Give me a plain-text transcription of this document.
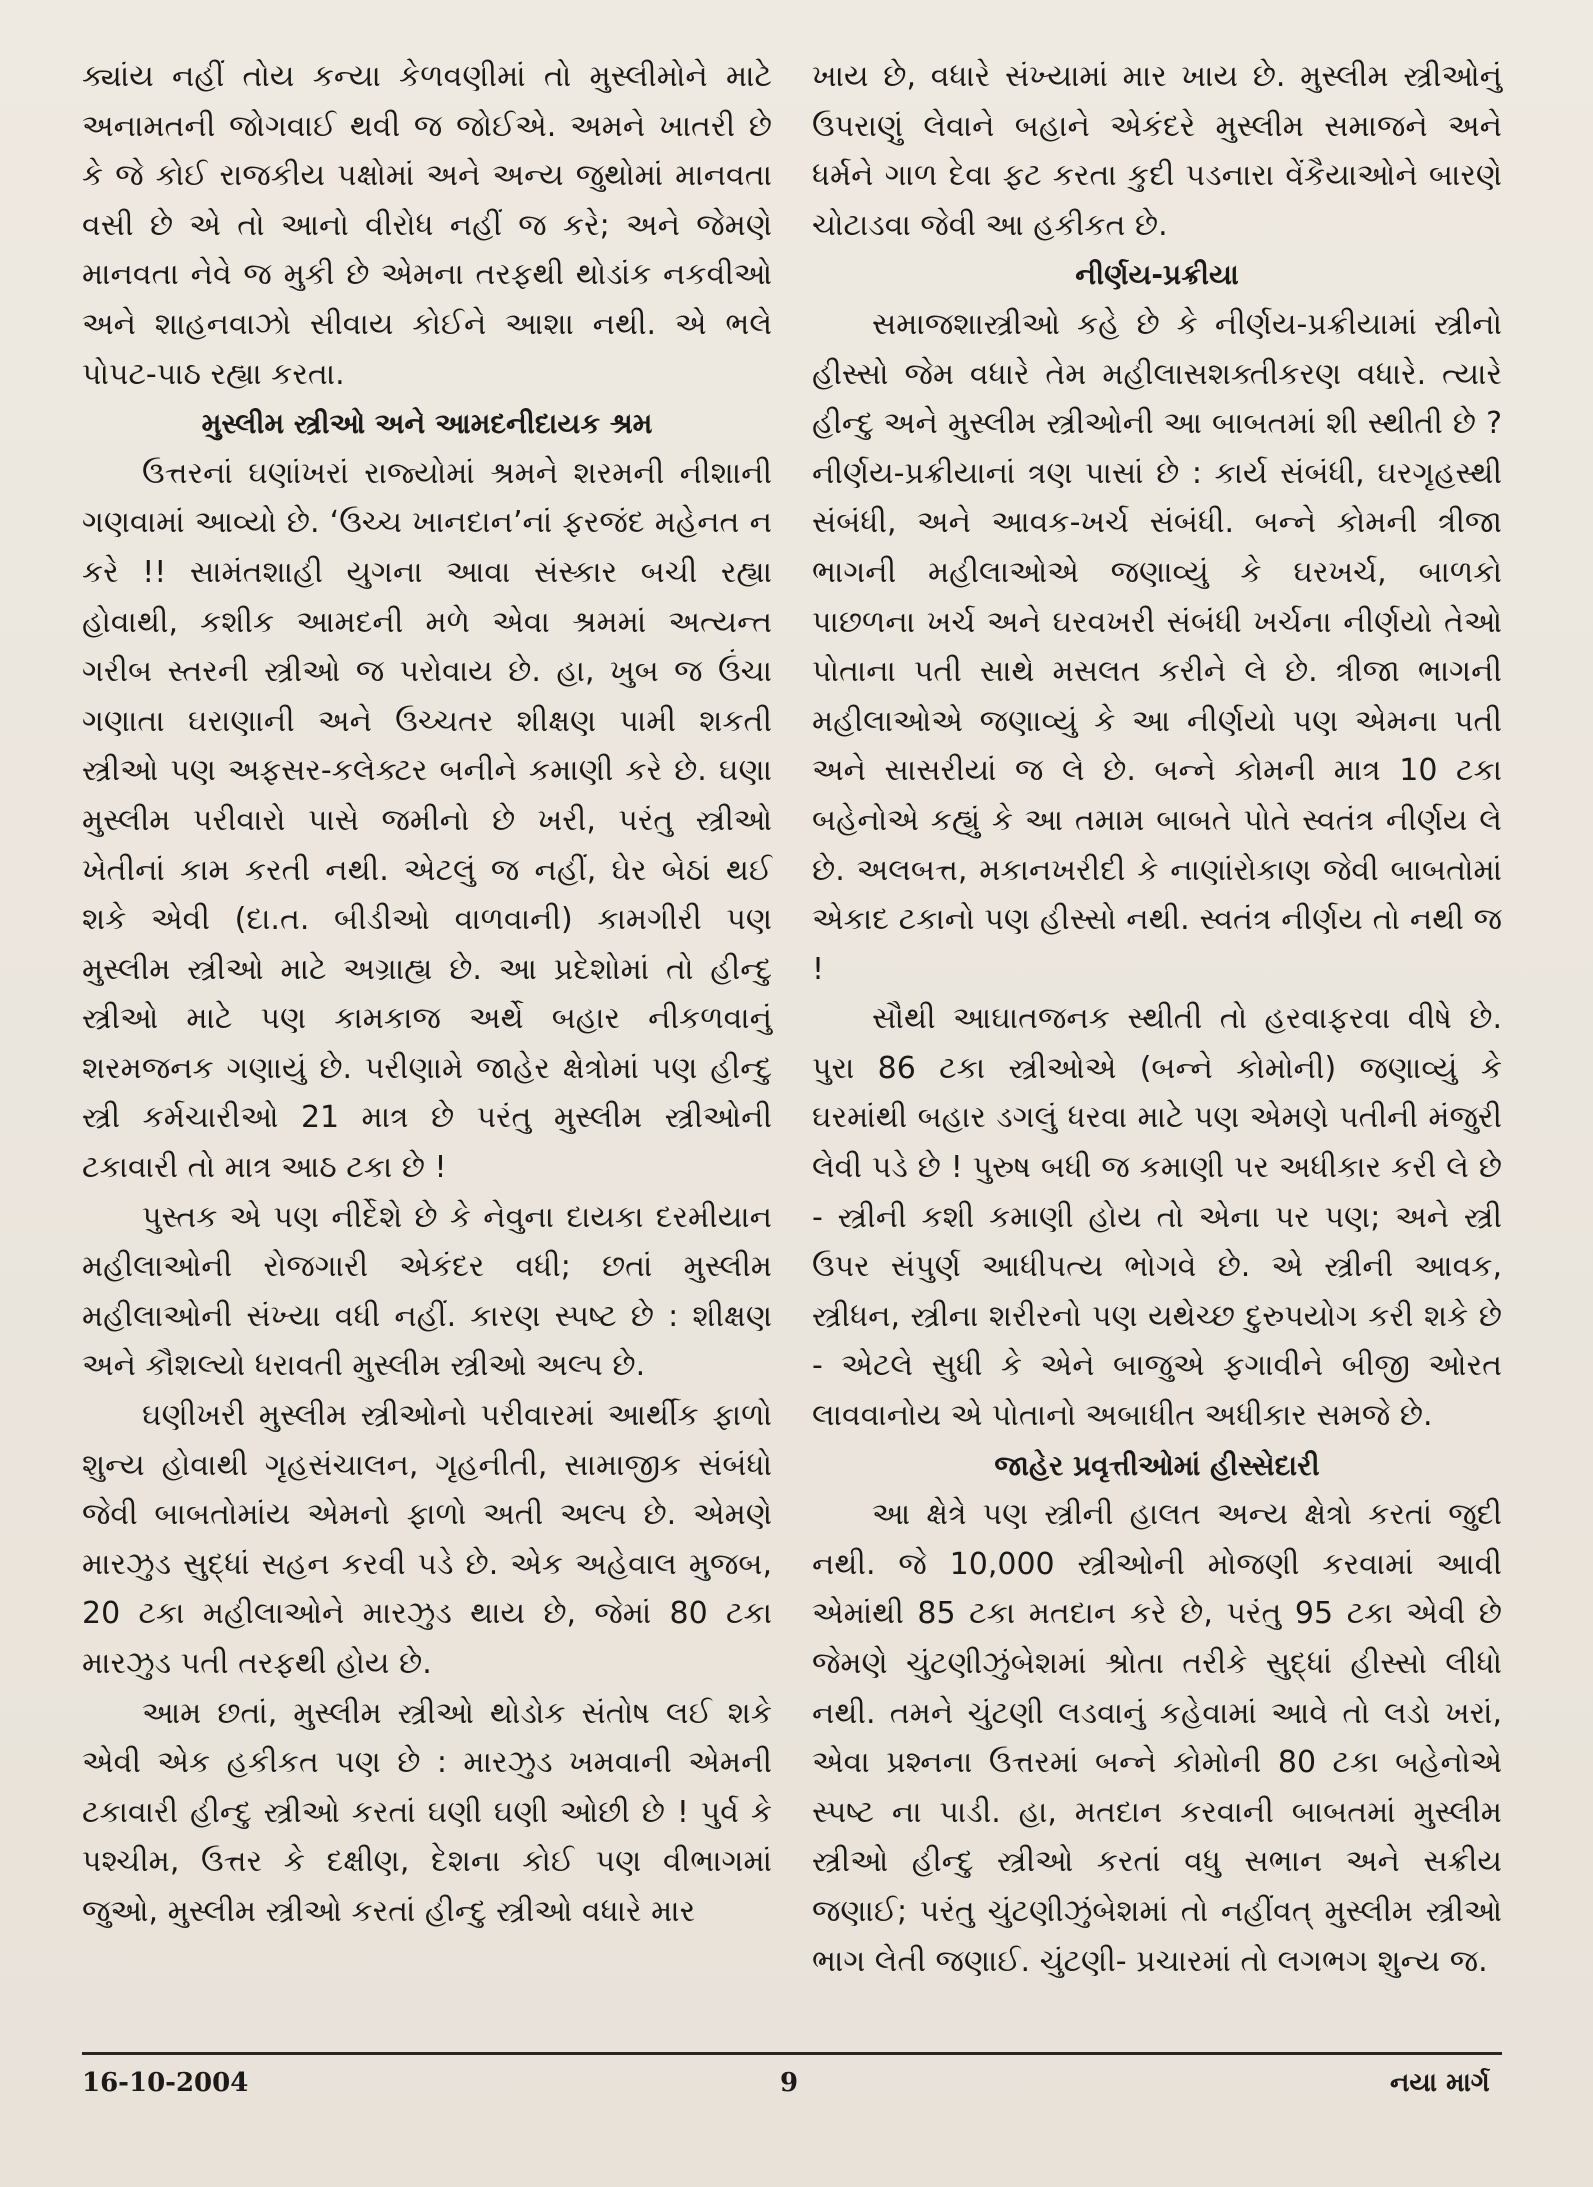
ક્યાંય નહીં તોય કન્યા કેળવણીમાં તો મુસ્લીમોને માટે અનામતની જોગવાઈ થવી જ જોઈએ. અમને ખાતરી છે કે જે કોઈ રાજકીય પક્ષોમાં અને અન્ય જુથોમાં માનવતા વસી છે એ તો આનો વીરોધ નહીં જ કરે; અને જેમણે માનવતા નેવે જ મુકી છે એમના તરફથી થોડાંક નકવીઓ અને શાહનવાઝો સીવાય કોઈને આશા નથી. એ ભલે પોપટ-પાઠ રહ્યા કરતા.

મુસ્લીમ સ્ત્રીઓ અને આમદનીદાયક શ્રમ

ઉત્તરનાં ઘણાંખરાં રાજ્યોમાં શ્રમને શરમની નીશાની ગણવામાં આવ્યો છે. ‘ઉચ્ચ ખાનદાન’નાં ફરજંદ મહેનત ન કરે !! સામંતશાહી યુગના આવા સંસ્કાર બચી રહ્યા હોવાથી, કશીક આમદની મળે એવા શ્રમમાં અત્યન્ત ગરીબ સ્તરની સ્ત્રીઓ જ પરોવાય છે. હા, ખુબ જ ઉંચા ગણાતા ઘરાણાની અને ઉચ્ચતર શીક્ષણ પામી શકતી સ્ત્રીઓ પણ અફસર-કલેક્ટર બનીને કમાણી કરે છે. ઘણા મુસ્લીમ પરીવારો પાસે જમીનો છે ખરી, પરંતુ સ્ત્રીઓ ખેતીનાં કામ કરતી નથી. એટલું જ નહીં, ઘેર બેઠાં થઈ શકે એવી (દા.ત. બીડીઓ વાળવાની) કામગીરી પણ મુસ્લીમ સ્ત્રીઓ માટે અગ્રાહ્ય છે. આ પ્રદેશોમાં તો હીન્દુ સ્ત્રીઓ માટે પણ કામકાજ અર્થે બહાર નીકળવાનું શરમજનક ગણાયું છે. પરીણામે જાહેર ક્ષેત્રોમાં પણ હીન્દુ સ્ત્રી કર્મચારીઓ 21 માત્ર છે પરંતુ મુસ્લીમ સ્ત્રીઓની ટકાવારી તો માત્ર આઠ ટકા છે !

પુસ્તક એ પણ નીર્દેશે છે કે નેવુના દાયકા દરમીયાન મહીલાઓની રોજગારી એકંદર વધી; છતાં મુસ્લીમ મહીલાઓની સંખ્યા વધી નહીં. કારણ સ્પષ્ટ છે : શીક્ષણ અને કૌશલ્યો ધરાવતી મુસ્લીમ સ્ત્રીઓ અલ્પ છે.

ઘણીખરી મુસ્લીમ સ્ત્રીઓનો પરીવારમાં આર્થીક ફાળો શુન્ય હોવાથી ગૃહસંચાલન, ગૃહનીતી, સામાજીક સંબંધો જેવી બાબતોમાંય એમનો ફાળો અતી અલ્પ છે. એમણે મારઝુડ સુદ્ધાં સહન કરવી પડે છે. એક અહેવાલ મુજબ, 20 ટકા મહીલાઓને મારઝુડ થાય છે, જેમાં 80 ટકા મારઝુડ પતી તરફથી હોય છે.

આમ છતાં, મુસ્લીમ સ્ત્રીઓ થોડોક સંતોષ લઈ શકે એવી એક હકીકત પણ છે : મારઝુડ ખમવાની એમની ટકાવારી હીન્દુ સ્ત્રીઓ કરતાં ઘણી ઘણી ઓછી છે ! પુર્વ કે પશ્ચીમ, ઉત્તર કે દક્ષીણ, દેશના કોઈ પણ વીભાગમાં જુઓ, મુસ્લીમ સ્ત્રીઓ કરતાં હીન્દુ સ્ત્રીઓ વધારે માર

ખાય છે, વધારે સંખ્યામાં માર ખાય છે. મુસ્લીમ સ્ત્રીઓનું ઉપરાણું લેવાને બહાને એકંદરે મુસ્લીમ સમાજને અને ધર્મને ગાળ દેવા ફટ કરતા કુદી પડનારા વેંકૈયાઓને બારણે ચોટાડવા જેવી આ હકીકત છે.

નીર્ણય-પ્રક્રીયા

સમાજશાસ્ત્રીઓ કહે છે કે નીર્ણય-પ્રક્રીયામાં સ્ત્રીનો હીસ્સો જેમ વધારે તેમ મહીલાસશક્તીકરણ વધારે. ત્યારે હીન્દુ અને મુસ્લીમ સ્ત્રીઓની આ બાબતમાં શી સ્થીતી છે ? નીર્ણય-પ્રક્રીયાનાં ત્રણ પાસાં છે : કાર્ય સંબંધી, ઘરગૃહસ્થી સંબંધી, અને આવક-ખર્ચ સંબંધી. બન્ને કોમની ત્રીજા ભાગની મહીલાઓએ જણાવ્યું કે ઘરખર્ચ, બાળકો પાછળના ખર્ચ અને ઘરવખરી સંબંધી ખર્ચના નીર્ણયો તેઓ પોતાના પતી સાથે મસલત કરીને લે છે. ત્રીજા ભાગની મહીલાઓએ જણાવ્યું કે આ નીર્ણયો પણ એમના પતી અને સાસરીયાં જ લે છે. બન્ને કોમની માત્ર 10 ટકા બહેનોએ કહ્યું કે આ તમામ બાબતે પોતે સ્વતંત્ર નીર્ણય લે છે. અલબત્ત, મકાનખરીદી કે નાણાંરોકાણ જેવી બાબતોમાં એકાદ ટકાનો પણ હીસ્સો નથી. સ્વતંત્ર નીર્ણય તો નથી જ !

સૌથી આઘાતજનક સ્થીતી તો હરવાફરવા વીષે છે. પુરા 86 ટકા સ્ત્રીઓએ (બન્ને કોમોની) જણાવ્યું કે ઘરમાંથી બહાર ડગલું ધરવા માટે પણ એમણે પતીની મંજુરી લેવી પડે છે ! પુરુષ બધી જ કમાણી પર અધીકાર કરી લે છે - સ્ત્રીની કશી કમાણી હોય તો એના પર પણ; અને સ્ત્રી ઉપર સંપુર્ણ આધીપત્ય ભોગવે છે. એ સ્ત્રીની આવક, સ્ત્રીધન, સ્ત્રીના શરીરનો પણ યથેચ્છ દુરુપયોગ કરી શકે છે - એટલે સુધી કે એને બાજુએ ફગાવીને બીજી ઓરત લાવવાનોય એ પોતાનો અબાધીત અધીકાર સમજે છે.

જાહેર પ્રવૃત્તીઓમાં હીસ્સેદારી

આ ક્ષેત્રે પણ સ્ત્રીની હાલત અન્ય ક્ષેત્રો કરતાં જુદી નથી. જે 10,000 સ્ત્રીઓની મોજણી કરવામાં આવી એમાંથી 85 ટકા મતદાન કરે છે, પરંતુ 95 ટકા એવી છે જેમણે ચુંટણીઝુંબેશમાં શ્રોતા તરીકે સુદ્ધાં હીસ્સો લીધો નથી. તમને ચુંટણી લડવાનું કહેવામાં આવે તો લડો ખરાં, એવા પ્રશ્નના ઉત્તરમાં બન્ને કોમોની 80 ટકા બહેનોએ સ્પષ્ટ ના પાડી. હા, મતદાન કરવાની બાબતમાં મુસ્લીમ સ્ત્રીઓ હીન્દુ સ્ત્રીઓ કરતાં વધુ સભાન અને સક્રીય જણાઈ; પરંતુ ચુંટણીઝુંબેશમાં તો નહીંવત્ મુસ્લીમ સ્ત્રીઓ ભાગ લેતી જણાઈ. ચુંટણી- પ્રચારમાં તો લગભગ શુન્ય જ.

16-10-2004	9	નયા માર્ગ
